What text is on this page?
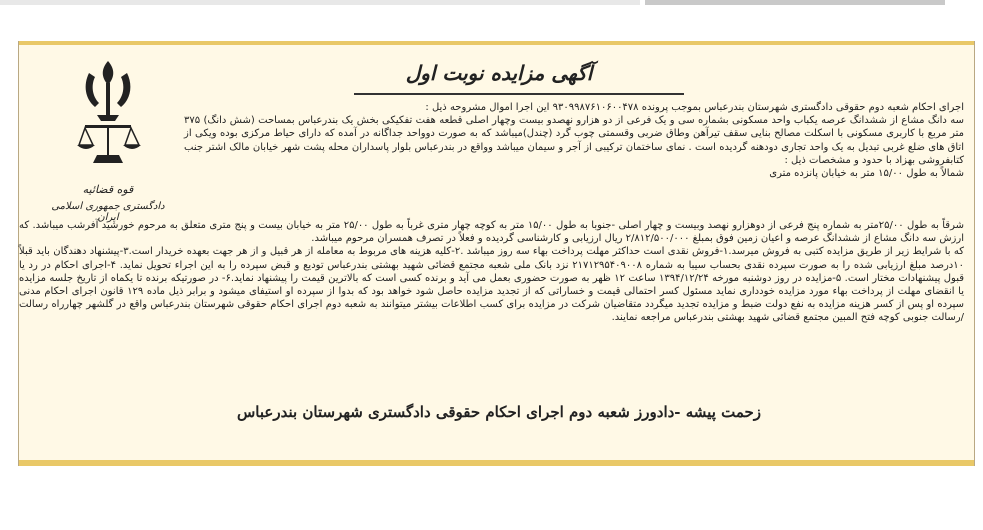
آگهی مزایده نوبت اول
قوه قضائیه
دادگستری جمهوری اسلامی ایران

اجرای احکام شعبه دوم حقوقی دادگستری شهرستان بندرعباس بموجب پرونده ۹۳۰۹۹۸۷۶۱۰۶۰۰۴۷۸ این اجرا اموال مشروحه ذیل :

سه دانگ مشاع از ششدانگ عرصه یکباب واحد مسکونی بشماره سی و یک فرعی از دو هزارو نهصدو بیست وچهار اصلی قطعه هفت تفکیکی بخش یک بندرعباس بمساحت (شش دانگ) ۳۷۵ متر مربع با کاربری مسکونی با اسکلت مصالح بنایی سقف تیرآهن وطاق ضربی وقسمتی چوب گرد (چندل)میباشد که به صورت دوواحد جداگانه در آمده که دارای حیاط مرکزی بوده ویکی از اتاق های ضلع غربی تبدیل به یک واحد تجاری دودهنه گردیده است . نمای ساختمان ترکیبی از آجر و سیمان میباشد وواقع در بندرعباس بلوار پاسداران محله پشت شهر خیابان مالک اشتر جنب کتابفروشی بهزاد با حدود و مشخصات ذیل :

شمالاً به طول ۱۵/۰۰ متر به خیابان پانزده متری

شرقاً به طول ۲۵/۰۰متر به شماره پنج فرعی از دوهزارو نهصد وبیست و چهار اصلی -جنوبا به طول ۱۵/۰۰ متر به کوچه چهار متری غرباً به طول ۲۵/۰۰ متر به خیابان بیست و پنج متری متعلق به مرحوم خورشید آفرشب میباشد. که ارزش سه دانگ مشاع از ششدانگ عرصه و اعیان زمین فوق بمبلغ ۲/۸۱۲/۵۰۰/۰۰۰ ریال ارزیابی و کارشناسی گردیده و فعلاً در تصرف همسران مرحوم میباشد.

که با شرایط زیر از طریق مزایده کتبی به فروش میرسد.۱-فروش نقدی است حداکثر مهلت پرداخت بهاء سه روز میباشد .۲-کلیه هزینه های مربوط به معامله از هر قبیل و از هر جهت بعهده خریدار است.۳-پیشنهاد دهندگان باید قبلاً ۱۰درصد مبلغ ارزیابی شده را به صورت سپرده نقدی بحساب سیبا به شماره ۲۱۷۱۲۹۵۴۰۹۰۰۸ نزد بانک ملی شعبه مجتمع قضائی شهید بهشتی بندرعباس تودیع و قبض سپرده را به این اجراء تحویل نماید. ۴-اجرای احکام در رد یا قبول پیشنهادات مختار است. ۵-مزایده در روز دوشنبه مورخه ۱۳۹۴/۱۲/۲۴ ساعت ۱۲ ظهر به صورت حضوری بعمل می آید و برنده کسی است که بالاترین قیمت را پیشنهاد نماید.۶- در صورتیکه برنده تا یکماه از تاریخ جلسه مزایده یا انقضای مهلت از پرداخت بهاء مورد مزایده خودداری نماید مسئول کسر احتمالی قیمت و خساراتی که از تجدید مزایده حاصل شود خواهد بود که بدوا از سپرده او استیفای میشود و برابر ذیل ماده ۱۲۹ قانون اجرای احکام مدنی سپرده او پس از کسر هزینه مزایده به نفع دولت ضبط و مزایده تجدید میگردد متقاضیان شرکت در مزایده برای کسب اطلاعات بیشتر میتوانند به شعبه دوم اجرای احکام حقوقی شهرستان بندرعباس واقع در گلشهر چهارراه رسالت /رسالت جنوبی کوچه فتح المبین مجتمع قضائی شهید بهشتی بندرعباس مراجعه نمایند.

زحمت پیشه -دادورز شعبه دوم اجرای احکام حقوقی دادگستری شهرستان بندرعباس
